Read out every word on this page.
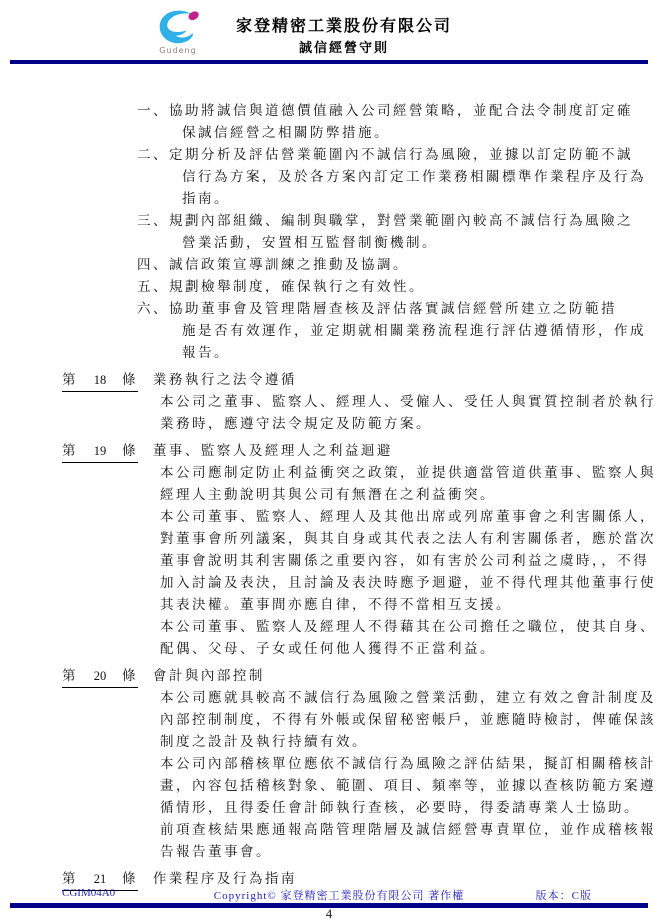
Gudeng
家登精密工業股份有限公司
誠信經營守則
一、協助將誠信與道德價值融入公司經營策略，並配合法令制度訂定確
保誠信經營之相關防弊措施。
二、定期分析及評估營業範圍內不誠信行為風險，並據以訂定防範不誠
信行為方案，及於各方案內訂定工作業務相關標準作業程序及行為
指南。
三、規劃內部組織、編制與職掌，對營業範圍內較高不誠信行為風險之
營業活動，安置相互監督制衡機制。
四、誠信政策宣導訓練之推動及協調。
五、規劃檢舉制度，確保執行之有效性。
六、協助董事會及管理階層查核及評估落實誠信經營所建立之防範措
施是否有效運作，並定期就相關業務流程進行評估遵循情形，作成
報告。
第 18 條 業務執行之法令遵循
本公司之董事、監察人、經理人、受僱人、受任人與實質控制者於執行
業務時，應遵守法令規定及防範方案。
第 19 條 董事、監察人及經理人之利益迴避
本公司應制定防止利益衝突之政策，並提供適當管道供董事、監察人與
經理人主動說明其與公司有無潛在之利益衝突。
本公司董事、監察人、經理人及其他出席或列席董事會之利害關係人，
對董事會所列議案，與其自身或其代表之法人有利害關係者，應於當次
董事會說明其利害關係之重要內容，如有害於公司利益之虞時，，不得
加入討論及表決，且討論及表決時應予迴避，並不得代理其他董事行使
其表決權。董事間亦應自律，不得不當相互支援。
本公司董事、監察人及經理人不得藉其在公司擔任之職位，使其自身、
配偶、父母、子女或任何他人獲得不正當利益。
第 20 條 會計與內部控制
本公司應就具較高不誠信行為風險之營業活動，建立有效之會計制度及
內部控制制度，不得有外帳或保留秘密帳戶，並應隨時檢討，俾確保該
制度之設計及執行持續有效。
本公司內部稽核單位應依不誠信行為風險之評估結果，擬訂相關稽核計
畫，內容包括稽核對象、範圍、項目、頻率等，並據以查核防範方案遵
循情形，且得委任會計師執行查核，必要時，得委請專業人士協助。
前項查核結果應通報高階管理階層及誠信經營專責單位，並作成稽核報
告報告董事會。
第 21 條 作業程序及行為指南
CGIM04A0	Copyright© 家登精密工業股份有限公司 著作權	版本：C版
4
